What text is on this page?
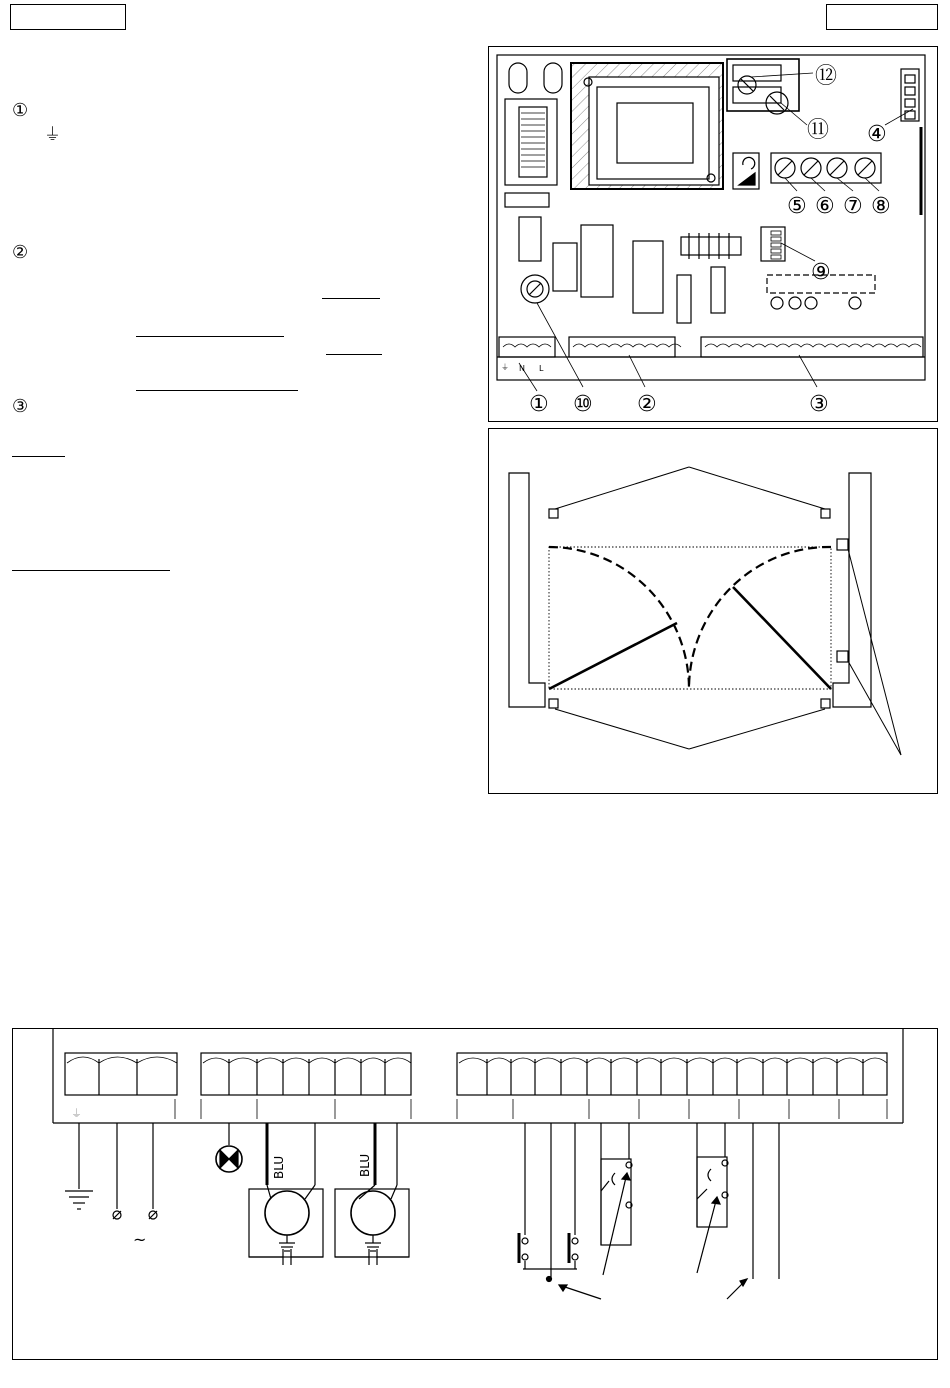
①
⏚
②
③	① ⑩ ②	③
④
⑤ ⑥ ⑦ ⑧
⑨
⑪
⑫
⏚ N L
BLU	BLU
~
⏚
